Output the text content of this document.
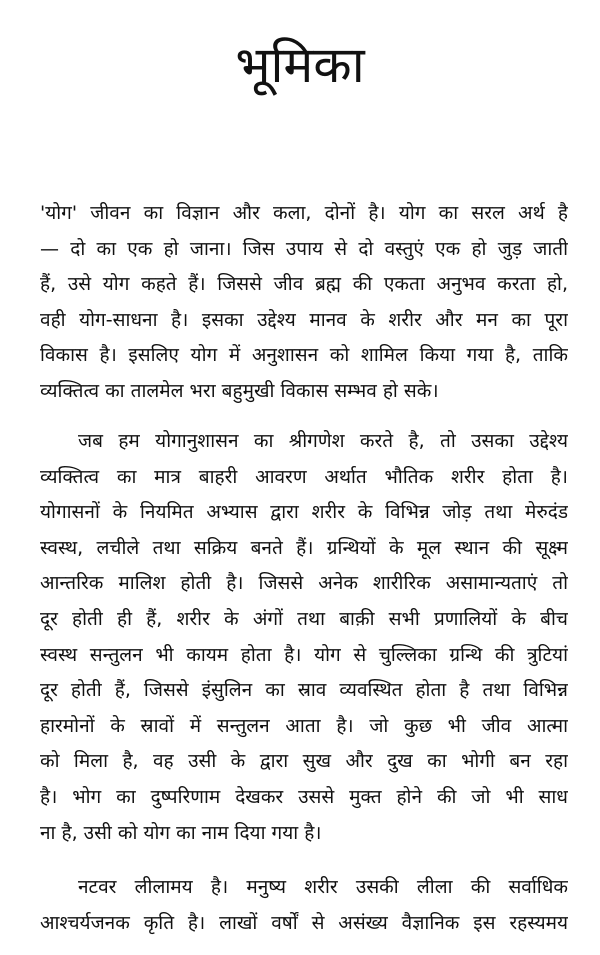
भूमिका
'योग' जीवन का विज्ञान और कला, दोनों है। योग का सरल अर्थ है
— दो का एक हो जाना। जिस उपाय से दो वस्तुएं एक हो जुड़ जाती
हैं, उसे योग कहते हैं। जिससे जीव ब्रह्म की एकता अनुभव करता हो,
वही योग-साधना है। इसका उद्देश्य मानव के शरीर और मन का पूरा
विकास है। इसलिए योग में अनुशासन को शामिल किया गया है, ताकि
व्यक्तित्व का तालमेल भरा बहुमुखी विकास सम्भव हो सके।
जब हम योगानुशासन का श्रीगणेश करते है, तो उसका उद्देश्य
व्यक्तित्व का मात्र बाहरी आवरण अर्थात भौतिक शरीर होता है।
योगासनों के नियमित अभ्यास द्वारा शरीर के विभिन्न जोड़ तथा मेरुदंड
स्वस्थ, लचीले तथा सक्रिय बनते हैं। ग्रन्थियों के मूल स्थान की सूक्ष्म
आन्तरिक मालिश होती है। जिससे अनेक शारीरिक असामान्यताएं तो
दूर होती ही हैं, शरीर के अंगों तथा बाक़ी सभी प्रणालियों के बीच
स्वस्थ सन्तुलन भी कायम होता है। योग से चुल्लिका ग्रन्थि की त्रुटियां
दूर होती हैं, जिससे इंसुलिन का स्राव व्यवस्थित होता है तथा विभिन्न
हारमोनों के स्रावों में सन्तुलन आता है। जो कुछ भी जीव आत्मा
को मिला है, वह उसी के द्वारा सुख और दुख का भोगी बन रहा
है। भोग का दुष्परिणाम देखकर उससे मुक्त होने की जो भी साध
ना है, उसी को योग का नाम दिया गया है।
नटवर लीलामय है। मनुष्य शरीर उसकी लीला की सर्वाधिक
आश्चर्यजनक कृति है। लाखों वर्षों से असंख्य वैज्ञानिक इस रहस्यमय
